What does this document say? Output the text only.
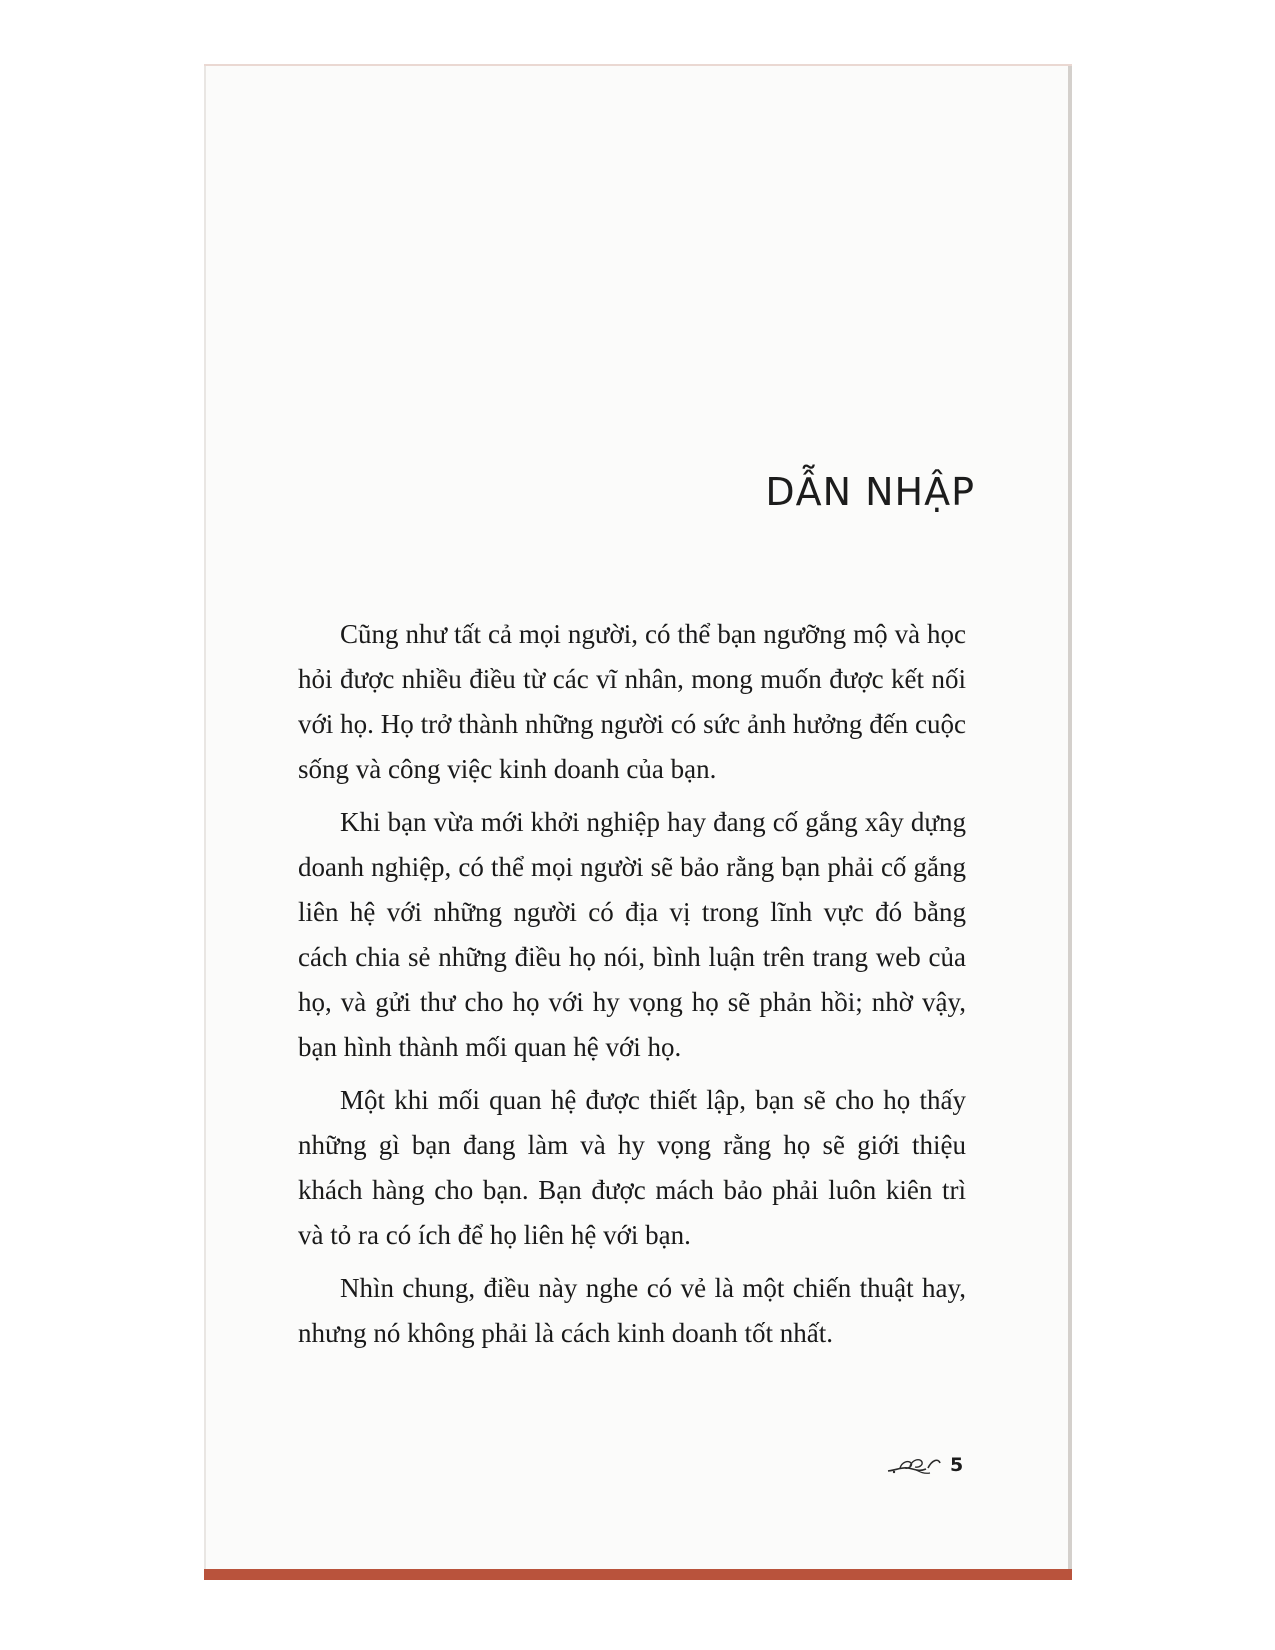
DẪN NHẬP

Cũng như tất cả mọi người, có thể bạn ngưỡng mộ và học hỏi được nhiều điều từ các vĩ nhân, mong muốn được kết nối với họ. Họ trở thành những người có sức ảnh hưởng đến cuộc sống và công việc kinh doanh của bạn.

Khi bạn vừa mới khởi nghiệp hay đang cố gắng xây dựng doanh nghiệp, có thể mọi người sẽ bảo rằng bạn phải cố gắng liên hệ với những người có địa vị trong lĩnh vực đó bằng cách chia sẻ những điều họ nói, bình luận trên trang web của họ, và gửi thư cho họ với hy vọng họ sẽ phản hồi; nhờ vậy, bạn hình thành mối quan hệ với họ.

Một khi mối quan hệ được thiết lập, bạn sẽ cho họ thấy những gì bạn đang làm và hy vọng rằng họ sẽ giới thiệu khách hàng cho bạn. Bạn được mách bảo phải luôn kiên trì và tỏ ra có ích để họ liên hệ với bạn.

Nhìn chung, điều này nghe có vẻ là một chiến thuật hay, nhưng nó không phải là cách kinh doanh tốt nhất.

5
